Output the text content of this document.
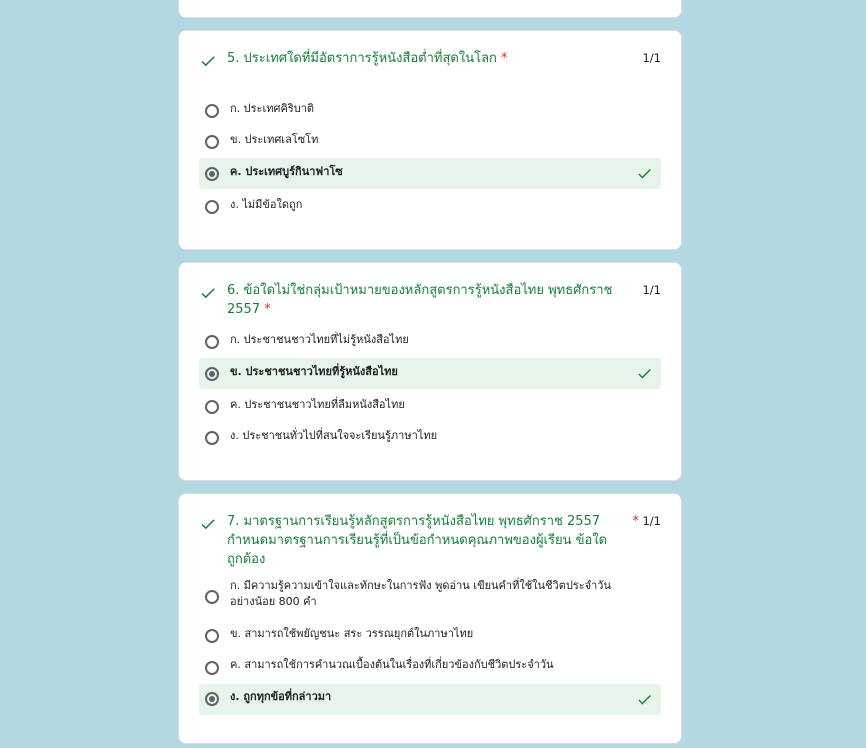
5. ประเทศใดที่มีอัตราการรู้หนังสือต่ำที่สุดในโลก *	1/1
ก. ประเทศคิริบาติ
ข. ประเทศเลโซโท
ค. ประเทศบูร์กินาฟาโซ
ง. ไม่มีข้อใดถูก
6. ข้อใดไม่ใช่กลุ่มเป้าหมายของหลักสูตรการรู้หนังสือไทย พุทธศักราช 2557 *
1/1
ก. ประชาชนชาวไทยที่ไม่รู้หนังสือไทย
ข. ประชาชนชาวไทยที่รู้หนังสือไทย
ค. ประชาชนชาวไทยที่ลืมหนังสือไทย
ง. ประชาชนทั่วไปที่สนใจจะเรียนรู้ภาษาไทย
7. มาตรฐานการเรียนรู้หลักสูตรการรู้หนังสือไทย พุทธศักราช 2557 กำหนดมาตรฐานการเรียนรู้ที่เป็นข้อกำหนดคุณภาพของผู้เรียน ข้อใดถูกต้อง
* 1/1
ก. มีความรู้ความเข้าใจและทักษะในการฟัง พูดอ่าน เขียนคำที่ใช้ในชีวิตประจำวัน อย่างน้อย 800 คำ
ข. สามารถใช้พยัญชนะ สระ วรรณยุกต์ในภาษาไทย
ค. สามารถใช้การคำนวณเบื้องต้นในเรื่องที่เกี่ยวข้องกับชีวิตประจำวัน
ง. ถูกทุกข้อที่กล่าวมา
